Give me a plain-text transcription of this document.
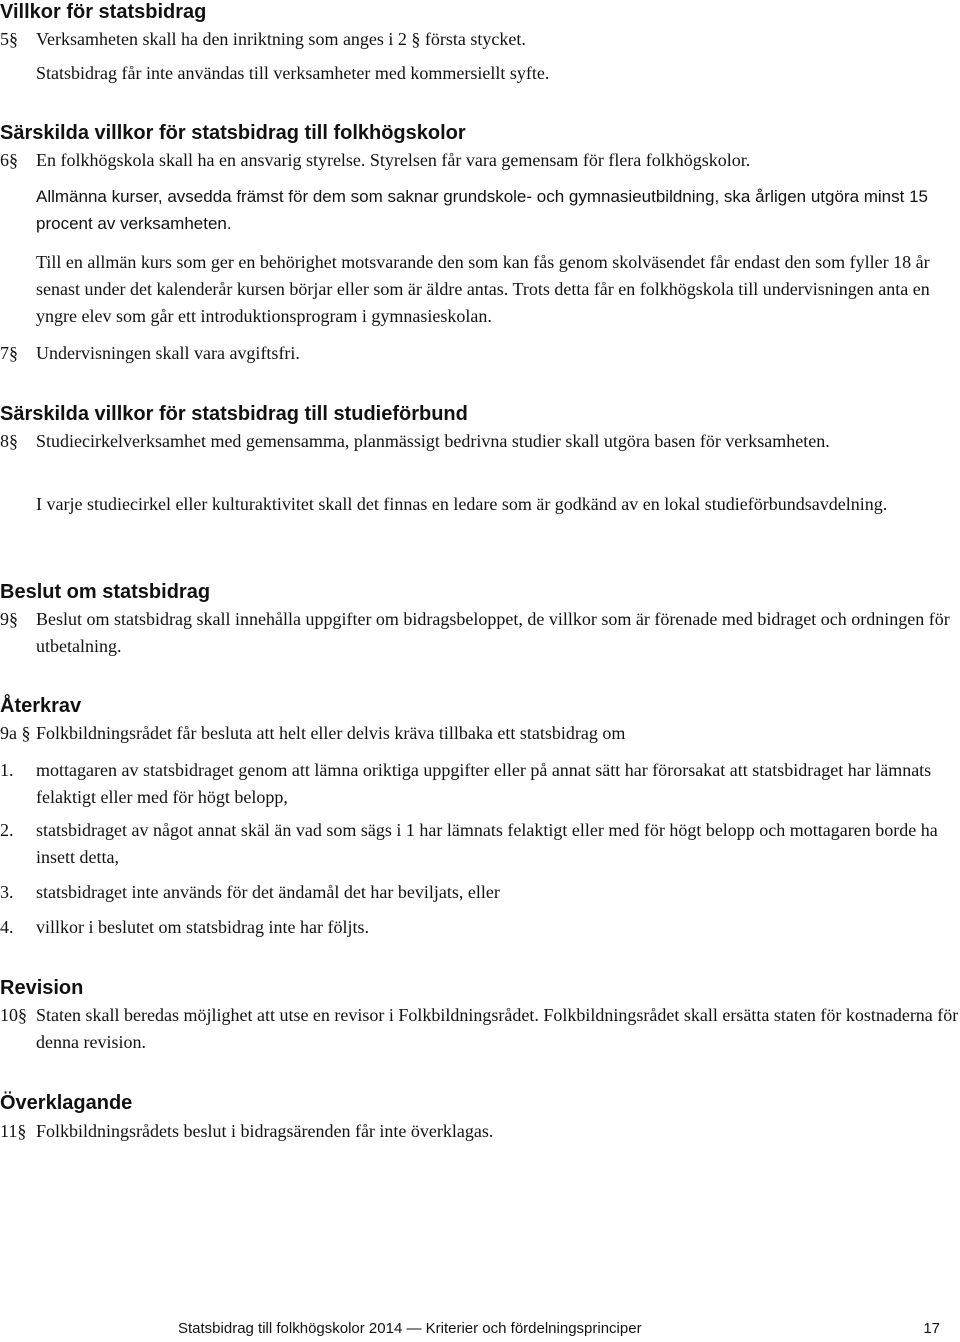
Villkor för statsbidrag
5§	Verksamheten skall ha den inriktning som anges i 2 § första stycket.
Statsbidrag får inte användas till verksamheter med kommersiellt syfte.
Särskilda villkor för statsbidrag till folkhögskolor
6§	En folkhögskola skall ha en ansvarig styrelse. Styrelsen får vara gemensam för flera folkhögskolor.
Allmänna kurser, avsedda främst för dem som saknar grundskole- och gymnasieutbildning, ska årligen utgöra minst 15 procent av verksamheten.
Till en allmän kurs som ger en behörighet motsvarande den som kan fås genom skolväsendet får endast den som fyller 18 år senast under det kalenderår kursen börjar eller som är äldre antas. Trots detta får en folkhögskola till undervisningen anta en yngre elev som går ett introduktionsprogram i gymnasieskolan.
7§	Undervisningen skall vara avgiftsfri.
Särskilda villkor för statsbidrag till studieförbund
8§	Studiecirkelverksamhet med gemensamma, planmässigt bedrivna studier skall utgöra basen för verksamheten.
I varje studiecirkel eller kulturaktivitet skall det finnas en ledare som är godkänd av en lokal studieförbundsavdelning.
Beslut om statsbidrag
9§	Beslut om statsbidrag skall innehålla uppgifter om bidragsbeloppet, de villkor som är förenade med bidraget och ordningen för utbetalning.
Återkrav
9a § Folkbildningsrådet får besluta att helt eller delvis kräva tillbaka ett statsbidrag om
1.	mottagaren av statsbidraget genom att lämna oriktiga uppgifter eller på annat sätt har förorsakat att statsbidraget har lämnats felaktigt eller med för högt belopp,
2.	statsbidraget av något annat skäl än vad som sägs i 1 har lämnats felaktigt eller med för högt belopp och mottagaren borde ha insett detta,
3.	statsbidraget inte används för det ändamål det har beviljats, eller
4.	villkor i beslutet om statsbidrag inte har följts.
Revision
10§ Staten skall beredas möjlighet att utse en revisor i Folkbildningsrådet. Folkbildningsrådet skall ersätta staten för kostnaderna för denna revision.
Överklagande
11§ Folkbildningsrådets beslut i bidragsärenden får inte överklagas.
Statsbidrag till folkhögskolor 2014 — Kriterier och fördelningsprinciper	17
